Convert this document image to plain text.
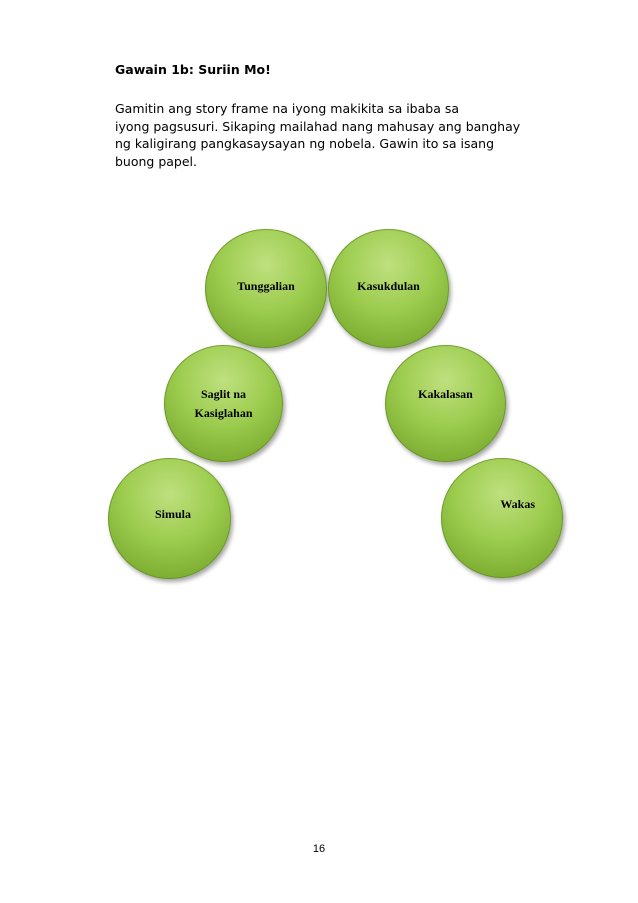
Gawain 1b: Suriin Mo!
Gamitin ang story frame na iyong makikita sa ibaba sa
iyong pagsusuri. Sikaping mailahad nang mahusay ang banghay
ng kaligirang pangkasaysayan ng nobela. Gawin ito sa isang
buong papel.
Simula
Saglit na
Kasiglahan
Tunggalian	Kasukdulan
Kakalasan
Wakas
16
